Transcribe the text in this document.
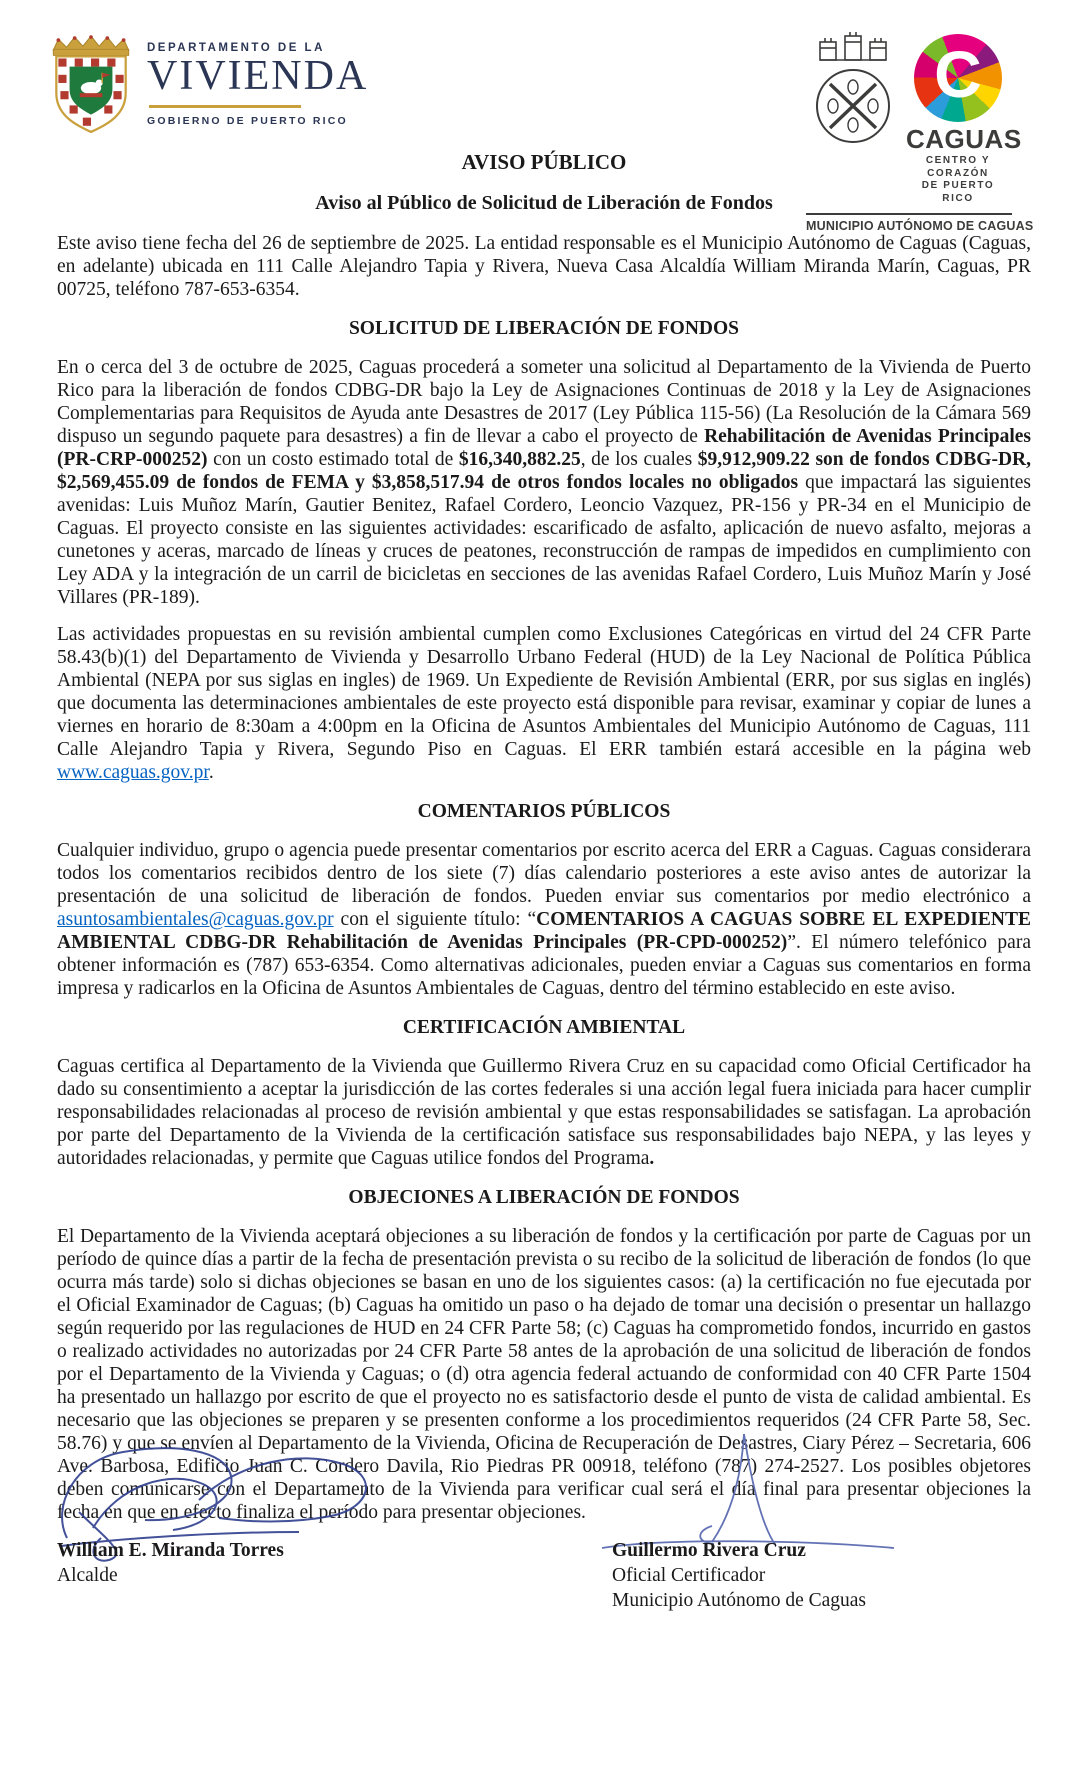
DEPARTAMENTO DE LA
VIVIENDA
GOBIERNO DE PUERTO RICO
C
CAGUAS
CENTRO Y CORAZÓN
DE PUERTO RICO
MUNICIPIO AUTÓNOMO DE CAGUAS
AVISO PÚBLICO
Aviso al Público de Solicitud de Liberación de Fondos

Este aviso tiene fecha del 26 de septiembre de 2025. La entidad responsable es el Municipio Autónomo de Caguas (Caguas, en adelante) ubicada en 111 Calle Alejandro Tapia y Rivera, Nueva Casa Alcaldía William Miranda Marín, Caguas, PR 00725, teléfono 787-653-6354.

SOLICITUD DE LIBERACIÓN DE FONDOS

En o cerca del 3 de octubre de 2025, Caguas procederá a someter una solicitud al Departamento de la Vivienda de Puerto Rico para la liberación de fondos CDBG-DR bajo la Ley de Asignaciones Continuas de 2018 y la Ley de Asignaciones Complementarias para Requisitos de Ayuda ante Desastres de 2017 (Ley Pública 115-56) (La Resolución de la Cámara 569 dispuso un segundo paquete para desastres) a fin de llevar a cabo el proyecto de Rehabilitación de Avenidas Principales (PR-CRP-000252) con un costo estimado total de $16,340,882.25, de los cuales $9,912,909.22 son de fondos CDBG-DR, $2,569,455.09 de fondos de FEMA y $3,858,517.94 de otros fondos locales no obligados que impactará las siguientes avenidas: Luis Muñoz Marín, Gautier Benitez, Rafael Cordero, Leoncio Vazquez, PR-156 y PR-34 en el Municipio de Caguas. El proyecto consiste en las siguientes actividades: escarificado de asfalto, aplicación de nuevo asfalto, mejoras a cunetones y aceras, marcado de líneas y cruces de peatones, reconstrucción de rampas de impedidos en cumplimiento con Ley ADA y la integración de un carril de bicicletas en secciones de las avenidas Rafael Cordero, Luis Muñoz Marín y José Villares (PR-189).

Las actividades propuestas en su revisión ambiental cumplen como Exclusiones Categóricas en virtud del 24 CFR Parte 58.43(b)(1) del Departamento de Vivienda y Desarrollo Urbano Federal (HUD) de la Ley Nacional de Política Pública Ambiental (NEPA por sus siglas en ingles) de 1969. Un Expediente de Revisión Ambiental (ERR, por sus siglas en inglés) que documenta las determinaciones ambientales de este proyecto está disponible para revisar, examinar y copiar de lunes a viernes en horario de 8:30am a 4:00pm en la Oficina de Asuntos Ambientales del Municipio Autónomo de Caguas, 111 Calle Alejandro Tapia y Rivera, Segundo Piso en Caguas. El ERR también estará accesible en la página web www.caguas.gov.pr.

COMENTARIOS PÚBLICOS

Cualquier individuo, grupo o agencia puede presentar comentarios por escrito acerca del ERR a Caguas. Caguas considerara todos los comentarios recibidos dentro de los siete (7) días calendario posteriores a este aviso antes de autorizar la presentación de una solicitud de liberación de fondos. Pueden enviar sus comentarios por medio electrónico a asuntosambientales@caguas.gov.pr con el siguiente título: “COMENTARIOS A CAGUAS SOBRE EL EXPEDIENTE AMBIENTAL CDBG-DR Rehabilitación de Avenidas Principales (PR-CPD-000252)”. El número telefónico para obtener información es (787) 653-6354. Como alternativas adicionales, pueden enviar a Caguas sus comentarios en forma impresa y radicarlos en la Oficina de Asuntos Ambientales de Caguas, dentro del término establecido en este aviso.

CERTIFICACIÓN AMBIENTAL

Caguas certifica al Departamento de la Vivienda que Guillermo Rivera Cruz en su capacidad como Oficial Certificador ha dado su consentimiento a aceptar la jurisdicción de las cortes federales si una acción legal fuera iniciada para hacer cumplir responsabilidades relacionadas al proceso de revisión ambiental y que estas responsabilidades se satisfagan. La aprobación por parte del Departamento de la Vivienda de la certificación satisface sus responsabilidades bajo NEPA, y las leyes y autoridades relacionadas, y permite que Caguas utilice fondos del Programa.

OBJECIONES A LIBERACIÓN DE FONDOS

El Departamento de la Vivienda aceptará objeciones a su liberación de fondos y la certificación por parte de Caguas por un período de quince días a partir de la fecha de presentación prevista o su recibo de la solicitud de liberación de fondos (lo que ocurra más tarde) solo si dichas objeciones se basan en uno de los siguientes casos: (a) la certificación no fue ejecutada por el Oficial Examinador de Caguas; (b) Caguas ha omitido un paso o ha dejado de tomar una decisión o presentar un hallazgo según requerido por las regulaciones de HUD en 24 CFR Parte 58; (c) Caguas ha comprometido fondos, incurrido en gastos o realizado actividades no autorizadas por 24 CFR Parte 58 antes de la aprobación de una solicitud de liberación de fondos por el Departamento de la Vivienda y Caguas; o (d) otra agencia federal actuando de conformidad con 40 CFR Parte 1504 ha presentado un hallazgo por escrito de que el proyecto no es satisfactorio desde el punto de vista de calidad ambiental. Es necesario que las objeciones se preparen y se presenten conforme a los procedimientos requeridos (24 CFR Parte 58, Sec. 58.76) y que se envíen al Departamento de la Vivienda, Oficina de Recuperación de Desastres, Ciary Pérez – Secretaria, 606 Ave. Barbosa, Edificio Juan C. Cordero Davila, Rio Piedras PR 00918, teléfono (787) 274-2527. Los posibles objetores deben comunicarse con el Departamento de la Vivienda para verificar cual será el día final para presentar objeciones la fecha en que en efecto finaliza el período para presentar objeciones.

William E. Miranda Torres
Alcalde
Guillermo Rivera Cruz
Oficial Certificador
Municipio Autónomo de Caguas
